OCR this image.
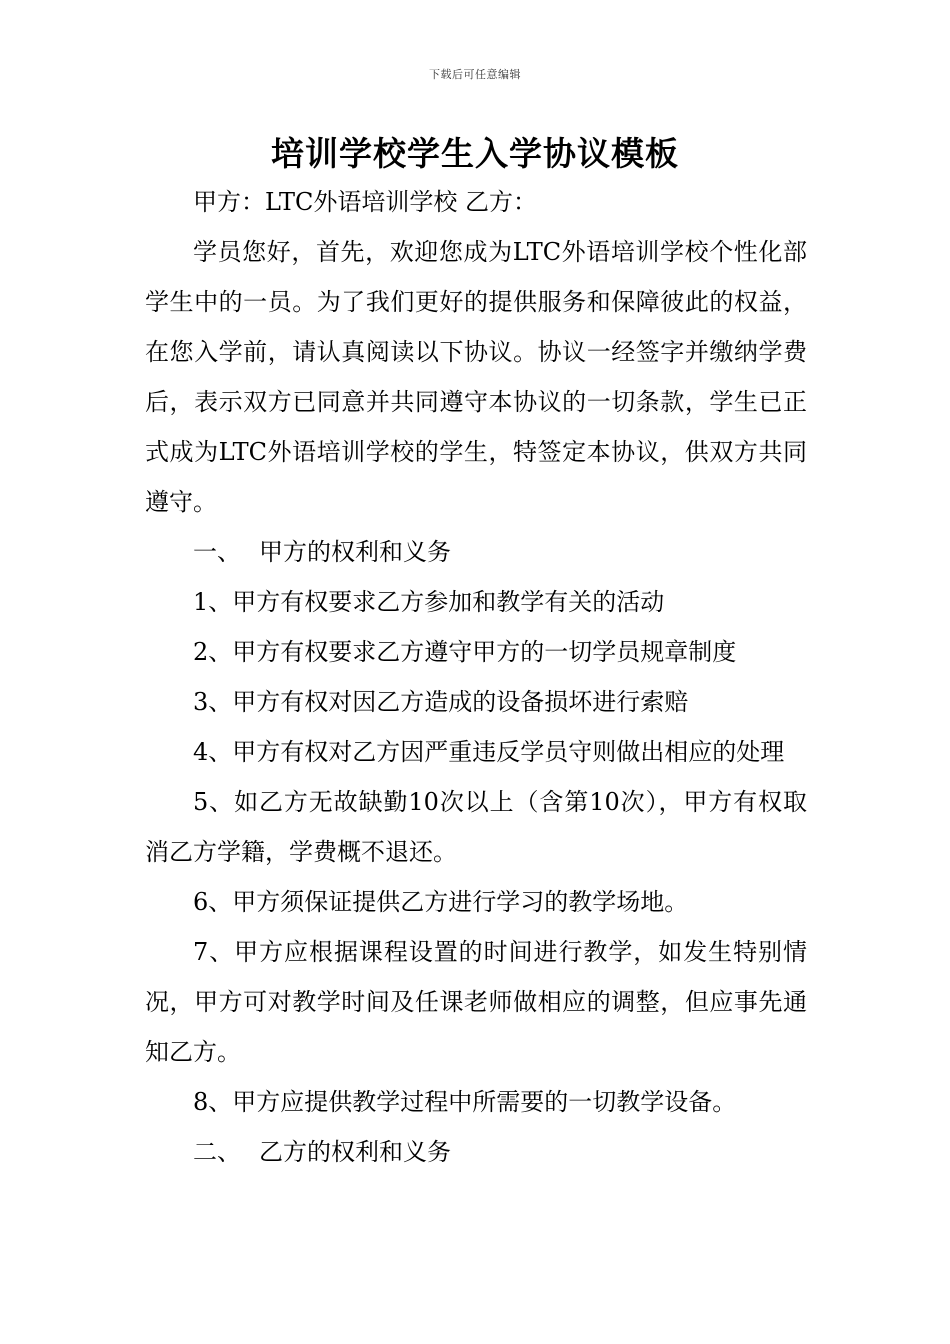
下载后可任意编辑
培训学校学生入学协议模板

甲方：LTC外语培训学校 乙方：

学员您好，首先，欢迎您成为LTC外语培训学校个性化部学生中的一员。为了我们更好的提供服务和保障彼此的权益，在您入学前，请认真阅读以下协议。协议一经签字并缴纳学费后，表示双方已同意并共同遵守本协议的一切条款，学生已正式成为LTC外语培训学校的学生，特签定本协议，供双方共同遵守。

一、 甲方的权利和义务

1、甲方有权要求乙方参加和教学有关的活动

2、甲方有权要求乙方遵守甲方的一切学员规章制度

3、甲方有权对因乙方造成的设备损坏进行索赔

4、甲方有权对乙方因严重违反学员守则做出相应的处理

5、如乙方无故缺勤10次以上（含第10次），甲方有权取消乙方学籍，学费概不退还。

6、甲方须保证提供乙方进行学习的教学场地。

7、甲方应根据课程设置的时间进行教学，如发生特别情况，甲方可对教学时间及任课老师做相应的调整，但应事先通知乙方。

8、甲方应提供教学过程中所需要的一切教学设备。

二、 乙方的权利和义务
